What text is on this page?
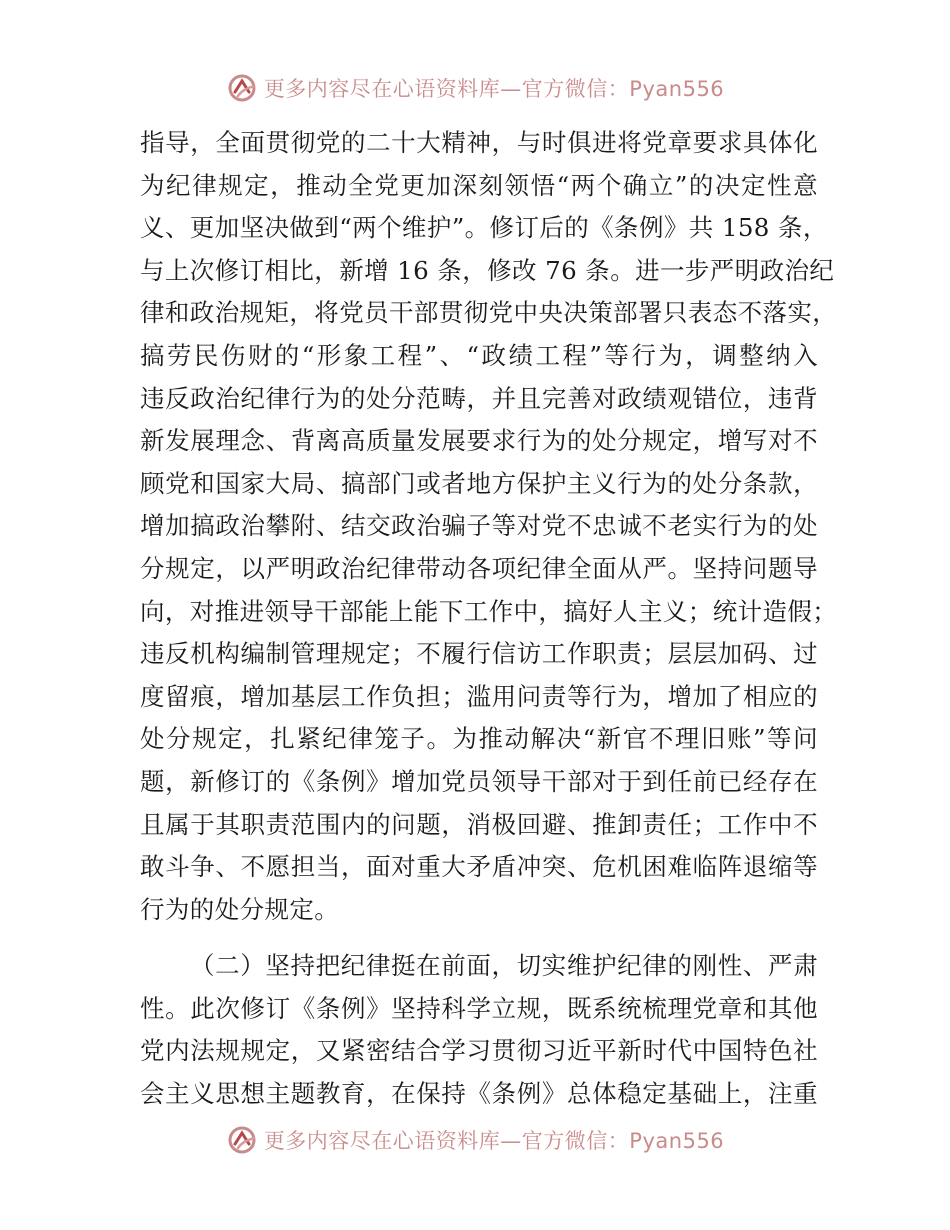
更多内容尽在心语资料库—官方微信：Pyan556
指导，全面贯彻党的二十大精神，与时俱进将党章要求具体化
为纪律规定，推动全党更加深刻领悟“两个确立”的决定性意
义、更加坚决做到“两个维护”。修订后的《条例》共 158 条，
与上次修订相比，新增 16 条，修改 76 条。进一步严明政治纪
律和政治规矩，将党员干部贯彻党中央决策部署只表态不落实，
搞劳民伤财的“形象工程”、“政绩工程”等行为，调整纳入
违反政治纪律行为的处分范畴，并且完善对政绩观错位，违背
新发展理念、背离高质量发展要求行为的处分规定，增写对不
顾党和国家大局、搞部门或者地方保护主义行为的处分条款，
增加搞政治攀附、结交政治骗子等对党不忠诚不老实行为的处
分规定，以严明政治纪律带动各项纪律全面从严。坚持问题导
向，对推进领导干部能上能下工作中，搞好人主义；统计造假；
违反机构编制管理规定；不履行信访工作职责；层层加码、过
度留痕，增加基层工作负担；滥用问责等行为，增加了相应的
处分规定，扎紧纪律笼子。为推动解决“新官不理旧账”等问
题，新修订的《条例》增加党员领导干部对于到任前已经存在
且属于其职责范围内的问题，消极回避、推卸责任；工作中不
敢斗争、不愿担当，面对重大矛盾冲突、危机困难临阵退缩等
行为的处分规定。
（二）坚持把纪律挺在前面，切实维护纪律的刚性、严肃
性。此次修订《条例》坚持科学立规，既系统梳理党章和其他
党内法规规定，又紧密结合学习贯彻习近平新时代中国特色社
会主义思想主题教育，在保持《条例》总体稳定基础上，注重
更多内容尽在心语资料库—官方微信：Pyan556
